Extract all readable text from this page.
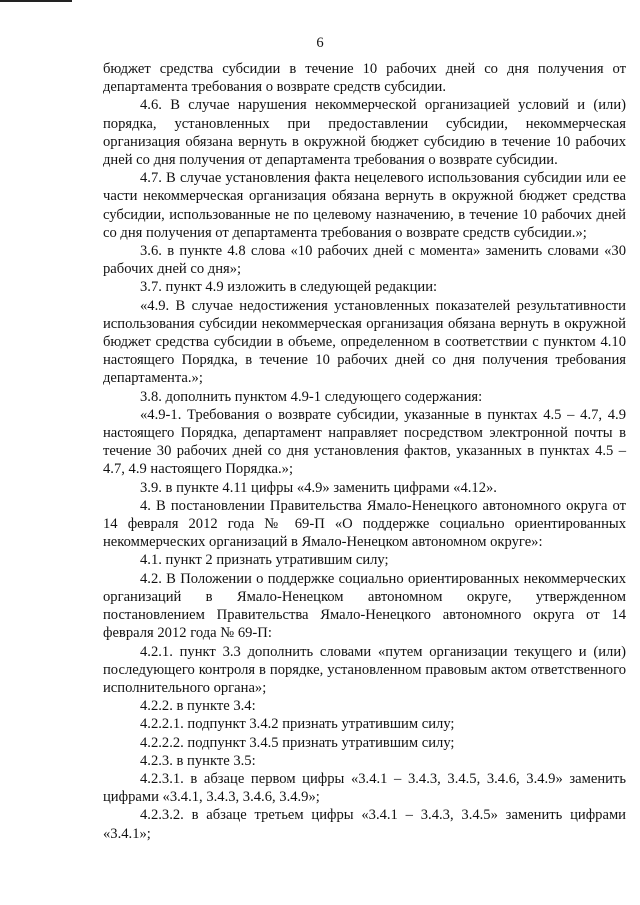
6

бюджет средства субсидии в течение 10 рабочих дней со дня получения от департамента требования о возврате средств субсидии.

4.6. В случае нарушения некоммерческой организацией условий и (или) порядка, установленных при предоставлении субсидии, некоммерческая организация обязана вернуть в окружной бюджет субсидию в течение 10 рабочих дней со дня получения от департамента требования о возврате субсидии.

4.7. В случае установления факта нецелевого использования субсидии или ее части некоммерческая организация обязана вернуть в окружной бюджет средства субсидии, использованные не по целевому назначению, в течение 10 рабочих дней со дня получения от департамента требования о возврате средств субсидии.»;

3.6. в пункте 4.8 слова «10 рабочих дней с момента» заменить словами «30 рабочих дней со дня»;

3.7. пункт 4.9 изложить в следующей редакции:

«4.9. В случае недостижения установленных показателей результативности использования субсидии некоммерческая организация обязана вернуть в окружной бюджет средства субсидии в объеме, определенном в соответствии с пунктом 4.10 настоящего Порядка, в течение 10 рабочих дней со дня получения требования департамента.»;

3.8. дополнить пунктом 4.9-1 следующего содержания:

«4.9-1. Требования о возврате субсидии, указанные в пунктах 4.5 – 4.7, 4.9 настоящего Порядка, департамент направляет посредством электронной почты в течение 30 рабочих дней со дня установления фактов, указанных в пунктах 4.5 – 4.7, 4.9 настоящего Порядка.»;

3.9. в пункте 4.11 цифры «4.9» заменить цифрами «4.12».

4. В постановлении Правительства Ямало-Ненецкого автономного округа от 14 февраля 2012 года № 69-П «О поддержке социально ориентированных некоммерческих организаций в Ямало-Ненецком автономном округе»:

4.1. пункт 2 признать утратившим силу;

4.2. В Положении о поддержке социально ориентированных некоммерческих организаций в Ямало-Ненецком автономном округе, утвержденном постановлением Правительства Ямало-Ненецкого автономного округа от 14 февраля 2012 года № 69-П:

4.2.1. пункт 3.3 дополнить словами «путем организации текущего и (или) последующего контроля в порядке, установленном правовым актом ответственного исполнительного органа»;

4.2.2. в пункте 3.4:

4.2.2.1. подпункт 3.4.2 признать утратившим силу;

4.2.2.2. подпункт 3.4.5 признать утратившим силу;

4.2.3. в пункте 3.5:

4.2.3.1. в абзаце первом цифры «3.4.1 – 3.4.3, 3.4.5, 3.4.6, 3.4.9» заменить цифрами «3.4.1, 3.4.3, 3.4.6, 3.4.9»;

4.2.3.2. в абзаце третьем цифры «3.4.1 – 3.4.3, 3.4.5» заменить цифрами «3.4.1»;
